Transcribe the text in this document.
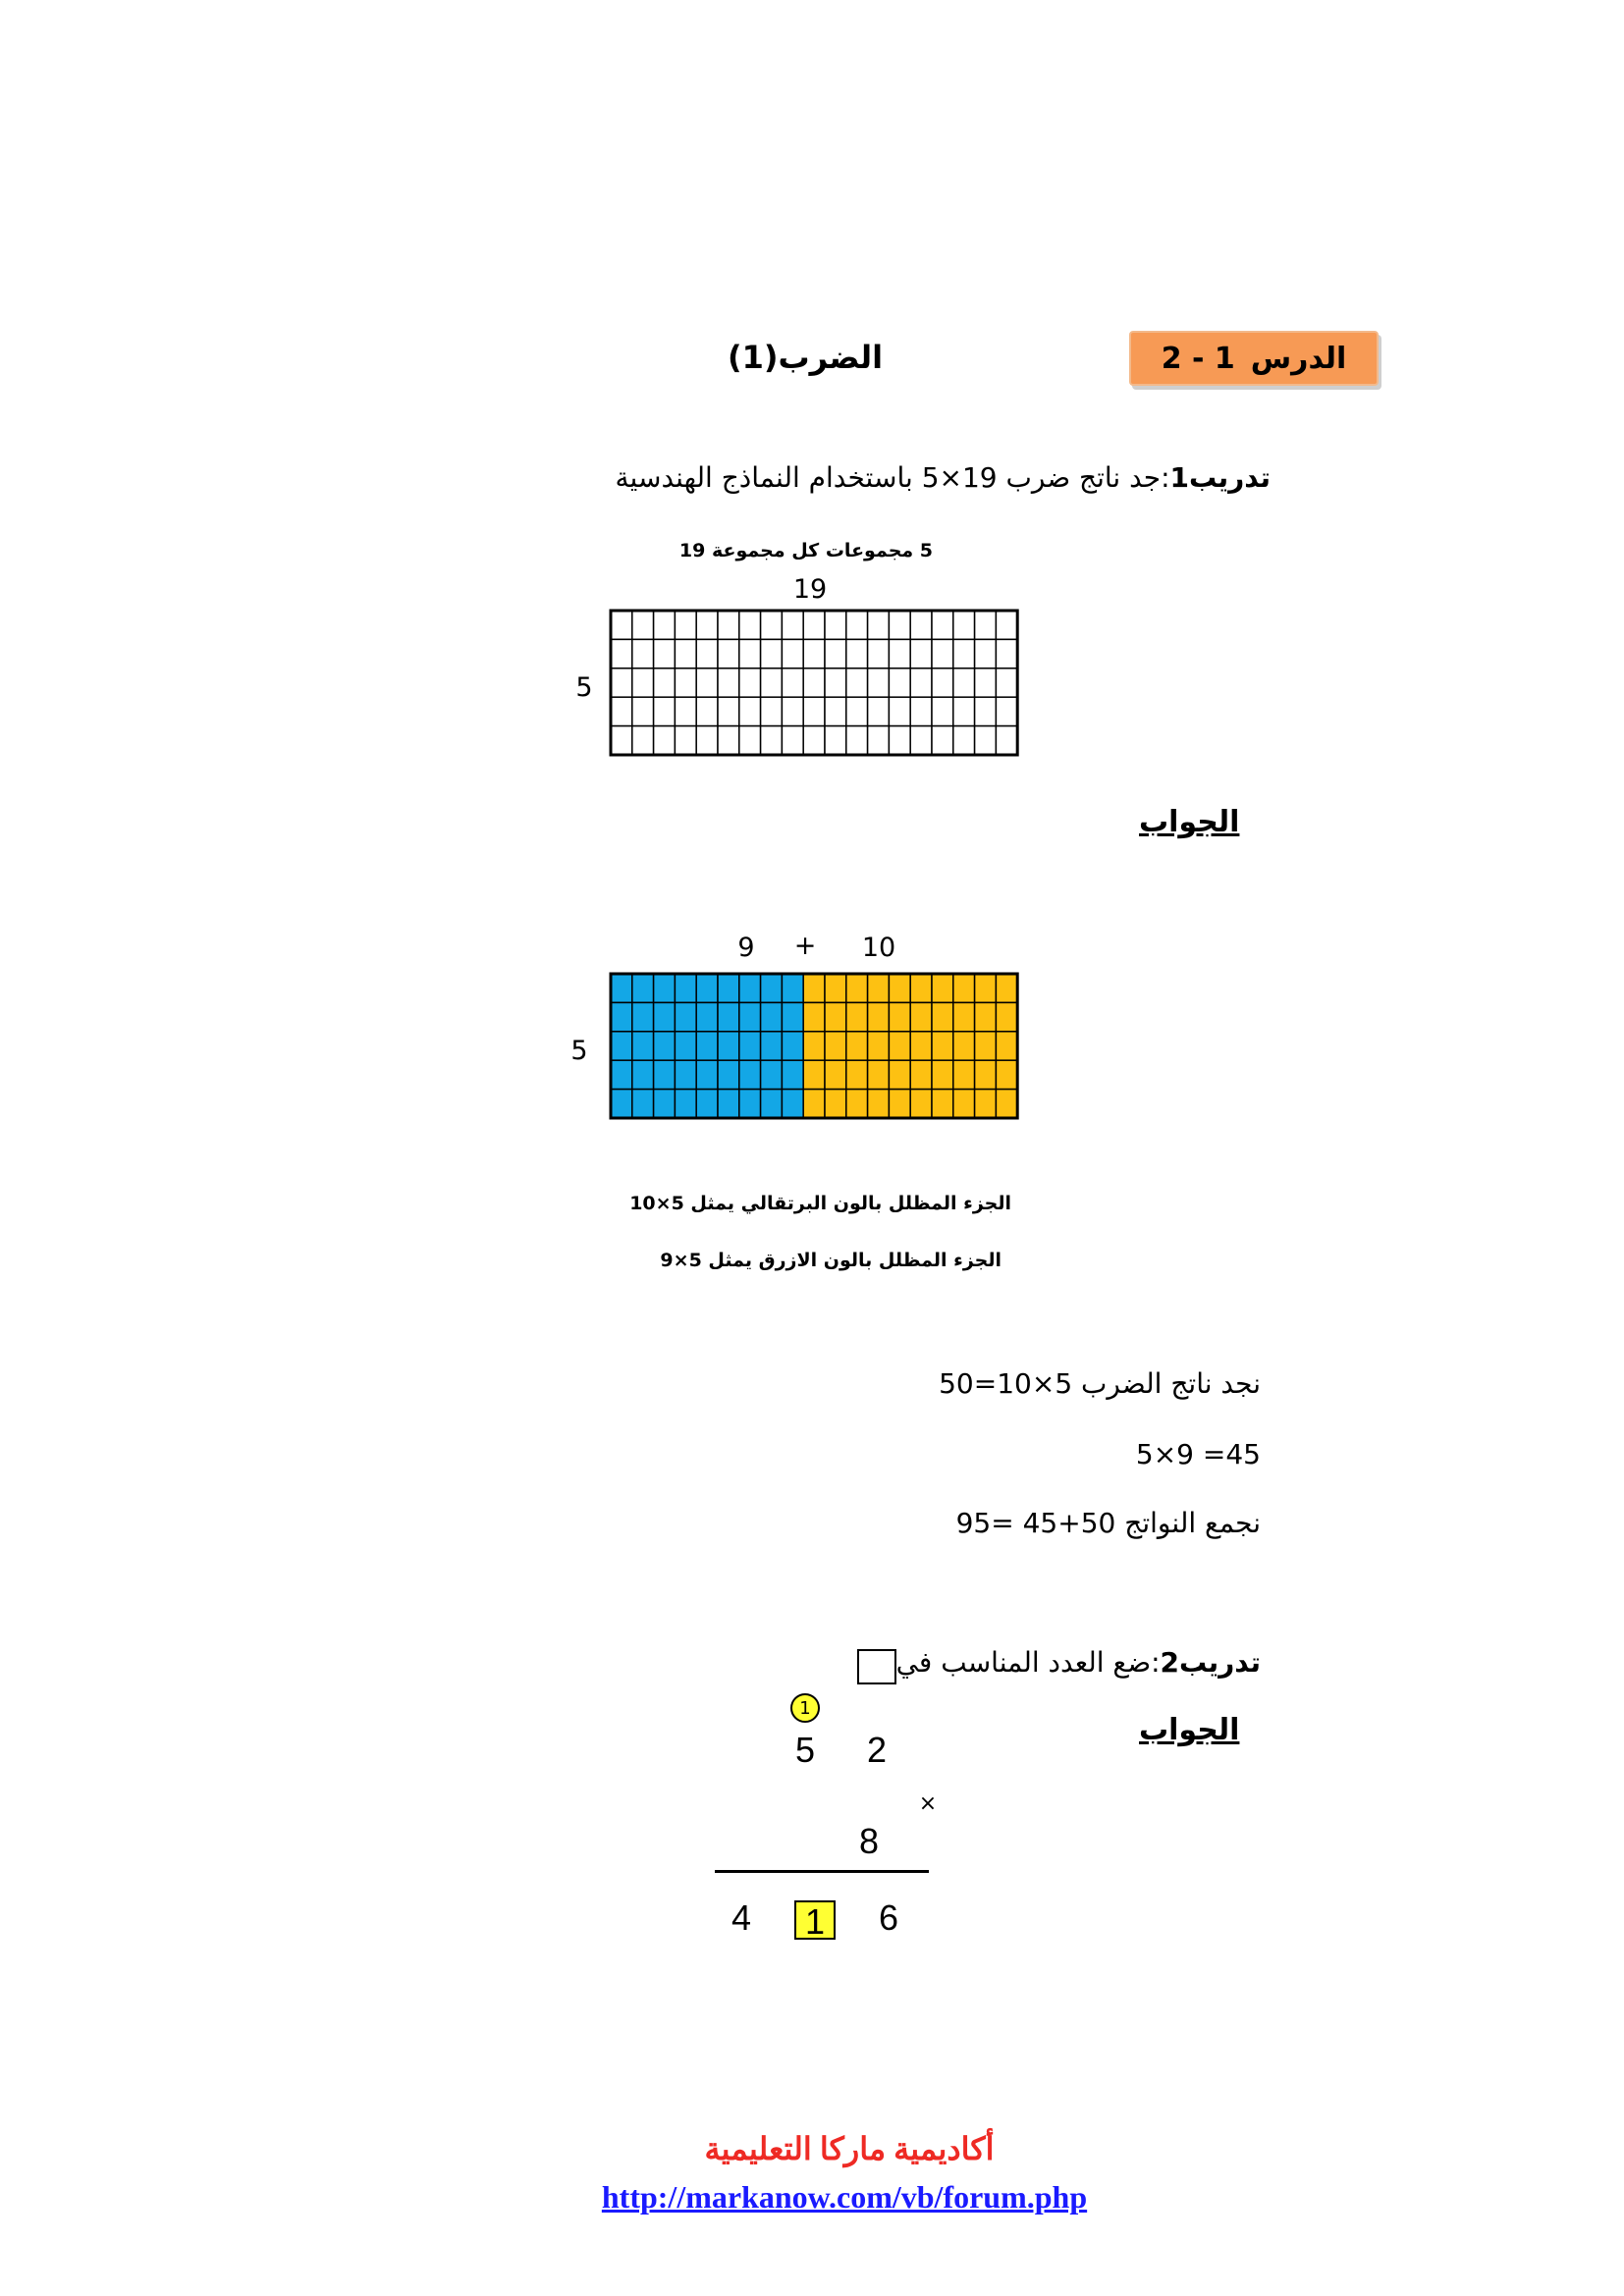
الدرس
2 - 1
الضرب(1)
تدريب1:جد ناتج ضرب 19×5 باستخدام النماذج الهندسية
5 مجموعات كل مجموعة 19
19
5
الجواب
9 + 10
5
الجزء المظلل بالون البرتقالي يمثل 5×10
الجزء المظلل بالون الازرق يمثل 5×9
نجد ناتج الضرب 5×10=50
45= 9×5
نجمع النواتج 50+45 =95
تدريب2:ضع العدد المناسب في
الجواب
1
5 2
×
8
4	1	6
أكاديمية ماركا التعليمية
http://markanow.com/vb/forum.php
